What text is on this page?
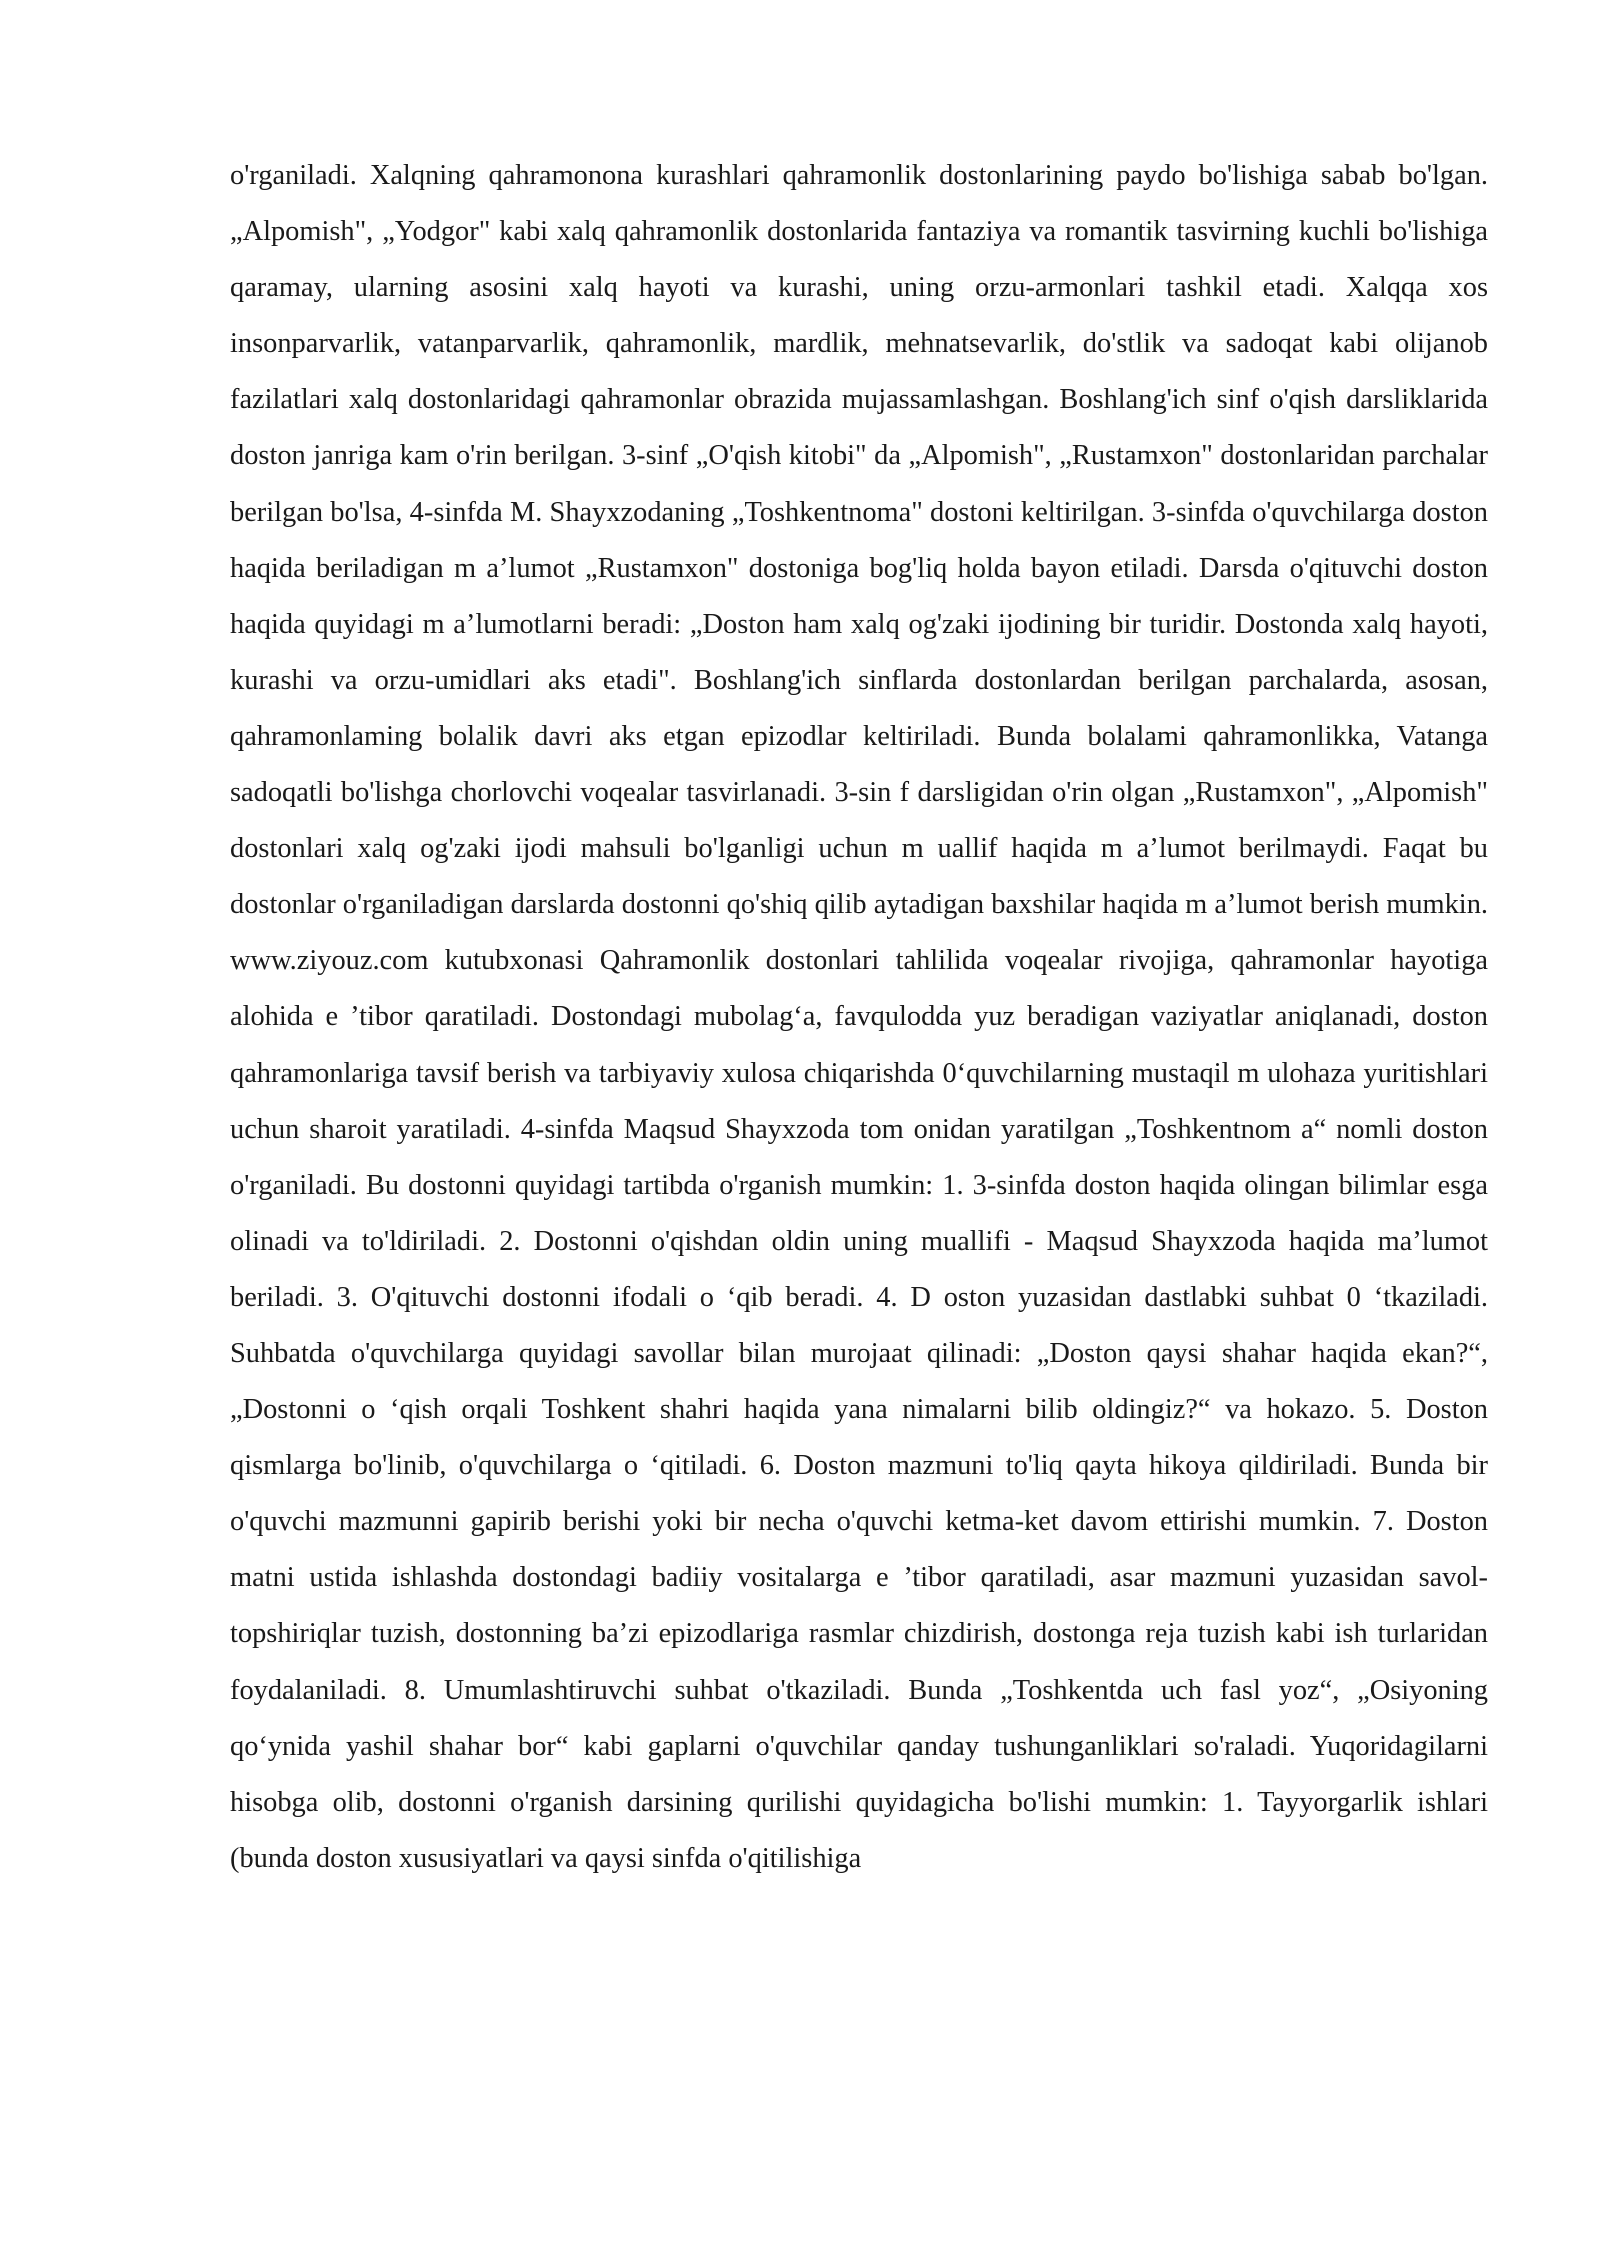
o'rganiladi. Xalqning qahramonona kurashlari qahramonlik dostonlarining paydo bo'lishiga sabab bo'lgan. „Alpomish", „Yodgor" kabi xalq qahramonlik dostonlarida fantaziya va romantik tasvirning kuchli bo'lishiga qaramay, ularning asosini xalq hayoti va kurashi, uning orzu-armonlari tashkil etadi. Xalqqa xos insonparvarlik, vatanparvarlik, qahramonlik, mardlik, mehnatsevarlik, do'stlik va sadoqat kabi olijanob fazilatlari xalq dostonlaridagi qahramonlar obrazida mujassamlashgan. Boshlang'ich sinf o'qish darsliklarida doston janriga kam o'rin berilgan. 3-sinf „O'qish kitobi" da „Alpomish", „Rustamxon" dostonlaridan parchalar berilgan bo'lsa, 4-sinfda M. Shayxzodaning „Toshkentnoma" dostoni keltirilgan. 3-sinfda o'quvchilarga doston haqida beriladigan m a’lumot „Rustamxon" dostoniga bog'liq holda bayon etiladi. Darsda o'qituvchi doston haqida quyidagi m a’lumotlarni beradi: „Doston ham xalq og'zaki ijodining bir turidir. Dostonda xalq hayoti, kurashi va orzu-umidlari aks etadi". Boshlang'ich sinflarda dostonlardan berilgan parchalarda, asosan, qahramonlaming bolalik davri aks etgan epizodlar keltiriladi. Bunda bolalami qahramonlikka, Vatanga sadoqatli bo'lishga chorlovchi voqealar tasvirlanadi. 3-sin f darsligidan o'rin olgan „Rustamxon", „Alpomish" dostonlari xalq og'zaki ijodi mahsuli bo'lganligi uchun m uallif haqida m a’lumot berilmaydi. Faqat bu dostonlar o'rganiladigan darslarda dostonni qo'shiq qilib aytadigan baxshilar haqida m a’lumot berish mumkin. www.ziyouz.com kutubxonasi Qahramonlik dostonlari tahlilida voqealar rivojiga, qahramonlar hayotiga alohida e ’tibor qaratiladi. Dostondagi mubolag‘a, favqulodda yuz beradigan vaziyatlar aniqlanadi, doston qahramonlariga tavsif berish va tarbiyaviy xulosa chiqarishda 0‘quvchilarning mustaqil m ulohaza yuritishlari uchun sharoit yaratiladi. 4-sinfda Maqsud Shayxzoda tom onidan yaratilgan „Toshkentnom a“ nomli doston o'rganiladi. Bu dostonni quyidagi tartibda o'rganish mumkin: 1. 3-sinfda doston haqida olingan bilimlar esga olinadi va to'ldiriladi. 2. Dostonni o'qishdan oldin uning muallifi - Maqsud Shayxzoda haqida ma’lumot beriladi. 3. O'qituvchi dostonni ifodali o ‘qib beradi. 4. D oston yuzasidan dastlabki suhbat 0 ‘tkaziladi. Suhbatda o'quvchilarga quyidagi savollar bilan murojaat qilinadi: „Doston qaysi shahar haqida ekan?“, „Dostonni o ‘qish orqali Toshkent shahri haqida yana nimalarni bilib oldingiz?“ va hokazo. 5. Doston qismlarga bo'linib, o'quvchilarga o ‘qitiladi. 6. Doston mazmuni to'liq qayta hikoya qildiriladi. Bunda bir o'quvchi mazmunni gapirib berishi yoki bir necha o'quvchi ketma-ket davom ettirishi mumkin. 7. Doston matni ustida ishlashda dostondagi badiiy vositalarga e ’tibor qaratiladi, asar mazmuni yuzasidan savol-topshiriqlar tuzish, dostonning ba’zi epizodlariga rasmlar chizdirish, dostonga reja tuzish kabi ish turlaridan foydalaniladi. 8. Umumlashtiruvchi suhbat o'tkaziladi. Bunda „Toshkentda uch fasl yoz“, „Osiyoning qo‘ynida yashil shahar bor“ kabi gaplarni o'quvchilar qanday tushunganliklari so'raladi. Yuqoridagilarni hisobga olib, dostonni o'rganish darsining qurilishi quyidagicha bo'lishi mumkin: 1. Tayyorgarlik ishlari (bunda doston xususiyatlari va qaysi sinfda o'qitilishiga
